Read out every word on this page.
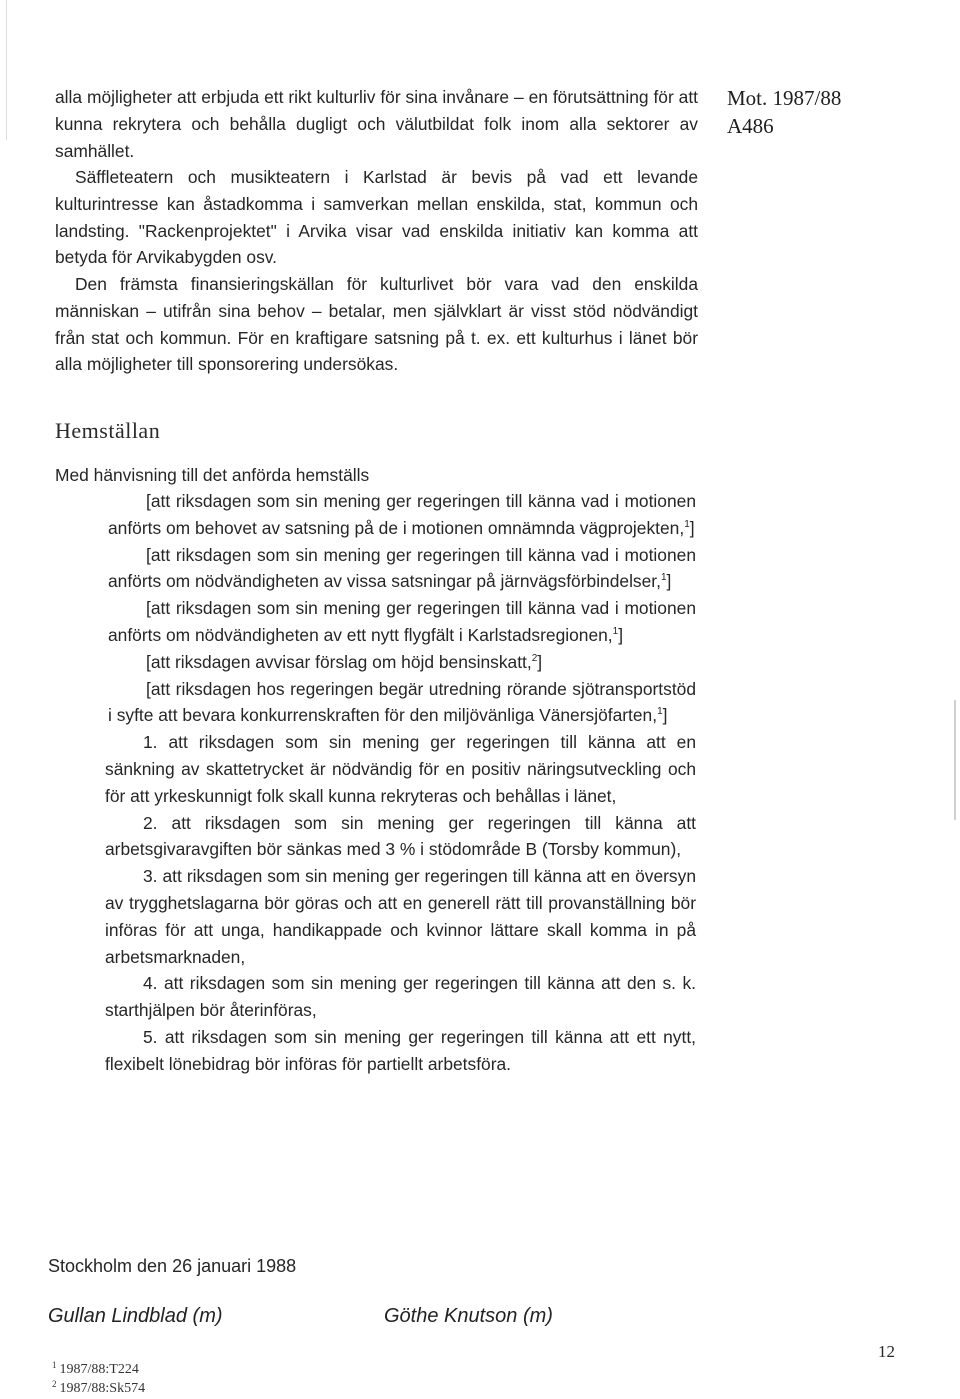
Mot. 1987/88
A486

alla möjligheter att erbjuda ett rikt kulturliv för sina invånare – en förutsättning för att kunna rekrytera och behålla dugligt och välutbildat folk inom alla sektorer av samhället.

Säffleteatern och musikteatern i Karlstad är bevis på vad ett levande kulturintresse kan åstadkomma i samverkan mellan enskilda, stat, kommun och landsting. "Rackenprojektet" i Arvika visar vad enskilda initiativ kan komma att betyda för Arvikabygden osv.

Den främsta finansieringskällan för kulturlivet bör vara vad den enskilda människan – utifrån sina behov – betalar, men självklart är visst stöd nödvändigt från stat och kommun. För en kraftigare satsning på t. ex. ett kulturhus i länet bör alla möjligheter till sponsorering undersökas.

Hemställan
Med hänvisning till det anförda hemställs

[att riksdagen som sin mening ger regeringen till känna vad i motionen anförts om behovet av satsning på de i motionen omnämnda vägprojekten,$^1$]

[att riksdagen som sin mening ger regeringen till känna vad i motionen anförts om nödvändigheten av vissa satsningar på järnvägsförbindelser,$^1$]

[att riksdagen som sin mening ger regeringen till känna vad i motionen anförts om nödvändigheten av ett nytt flygfält i Karlstadsregionen,$^1$]

[att riksdagen avvisar förslag om höjd bensinskatt,$^2$]

[att riksdagen hos regeringen begär utredning rörande sjötransportstöd i syfte att bevara konkurrenskraften för den miljövänliga Vänersjöfarten,$^1$]

1. att riksdagen som sin mening ger regeringen till känna att en sänkning av skattetrycket är nödvändig för en positiv näringsutveckling och för att yrkeskunnigt folk skall kunna rekryteras och behållas i länet,

2. att riksdagen som sin mening ger regeringen till känna att arbetsgivaravgiften bör sänkas med 3 % i stödområde B (Torsby kommun),

3. att riksdagen som sin mening ger regeringen till känna att en översyn av trygghetslagarna bör göras och att en generell rätt till provanställning bör införas för att unga, handikappade och kvinnor lättare skall komma in på arbetsmarknaden,

4. att riksdagen som sin mening ger regeringen till känna att den s. k. starthjälpen bör återinföras,

5. att riksdagen som sin mening ger regeringen till känna att ett nytt, flexibelt lönebidrag bör införas för partiellt arbetsföra.

Stockholm den 26 januari 1988
Gullan Lindblad (m)	Göthe Knutson (m)
12
$^1$ 1987/88:T224
$^2$ 1987/88:Sk574
